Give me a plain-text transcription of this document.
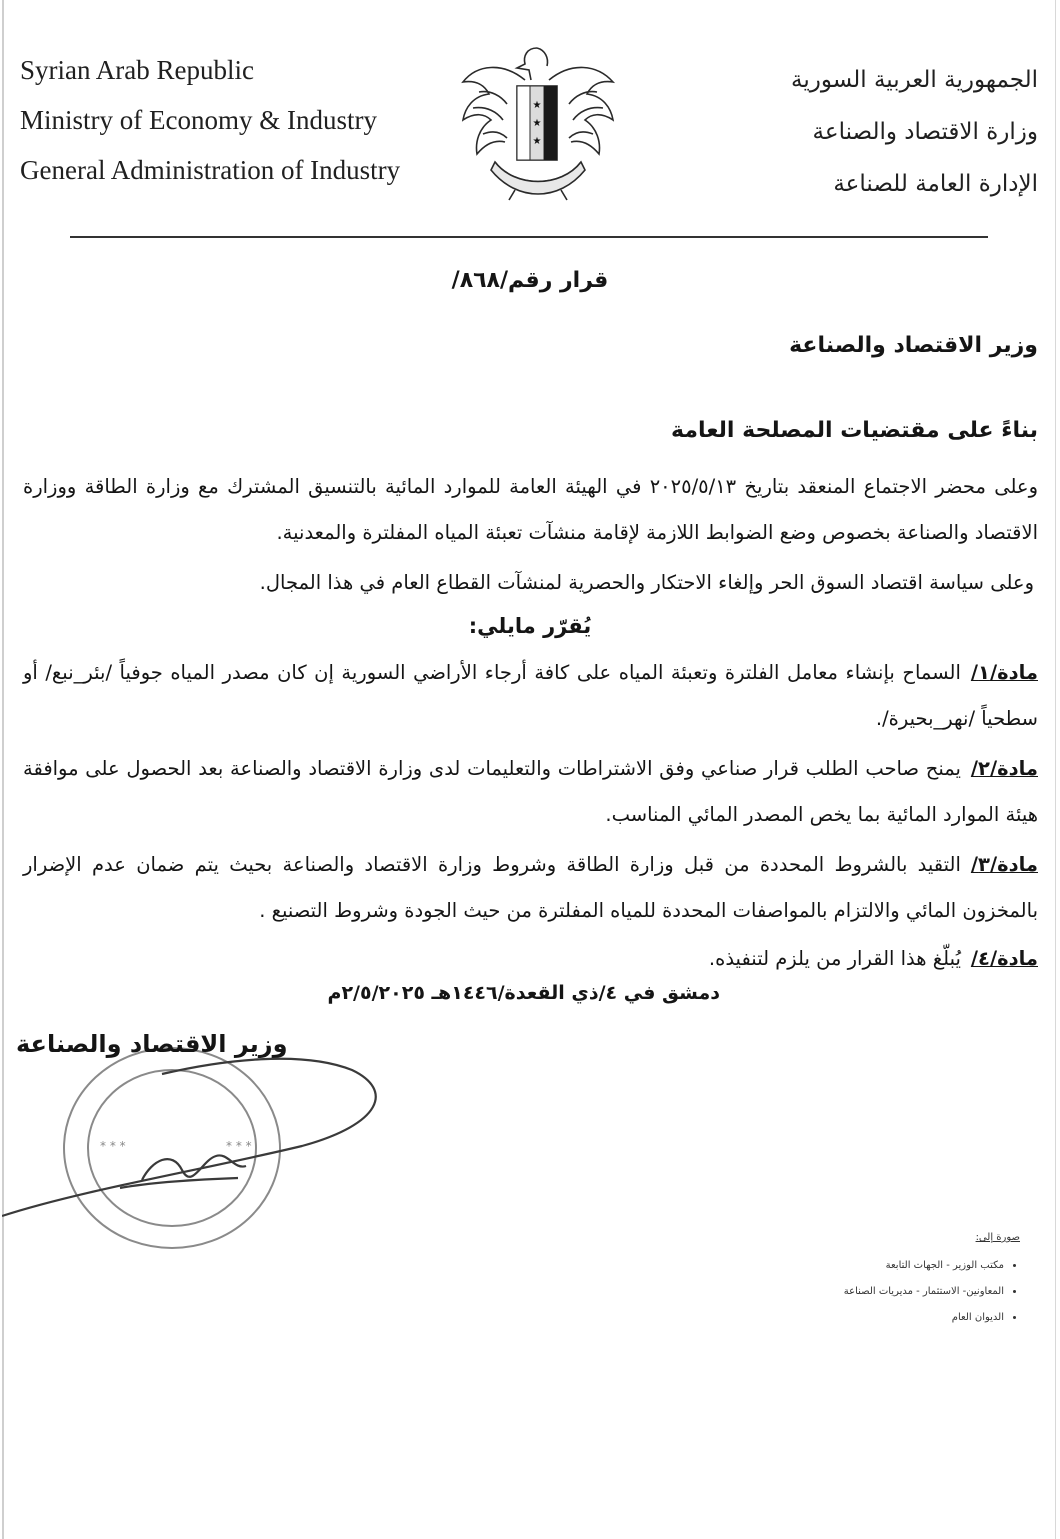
Syrian Arab Republic
Ministry of Economy & Industry
General Administration of Industry
★
★
★
الجمهورية العربية السورية
وزارة الاقتصاد والصناعة
الإدارة العامة للصناعة
قرار رقم/٨٦٨/
وزير الاقتصاد والصناعة
بناءً على مقتضيات المصلحة العامة
وعلى محضر الاجتماع المنعقد بتاريخ ٢٠٢٥/٥/١٣ في الهيئة العامة للموارد المائية بالتنسيق المشترك مع وزارة الطاقة ووزارة الاقتصاد والصناعة بخصوص وضع الضوابط اللازمة لإقامة منشآت تعبئة المياه المفلترة والمعدنية.
وعلى سياسة اقتصاد السوق الحر وإلغاء الاحتكار والحصرية لمنشآت القطاع العام في هذا المجال.
يُقرّر مايلي:
مادة/١/السماح بإنشاء معامل الفلترة وتعبئة المياه على كافة أرجاء الأراضي السورية إن كان مصدر المياه جوفياً /بئر_نبع/ أو سطحياً /نهر_بحيرة/.
مادة/٢/يمنح صاحب الطلب قرار صناعي وفق الاشتراطات والتعليمات لدى وزارة الاقتصاد والصناعة بعد الحصول على موافقة هيئة الموارد المائية بما يخص المصدر المائي المناسب.
مادة/٣/التقيد بالشروط المحددة من قبل وزارة الطاقة وشروط وزارة الاقتصاد والصناعة بحيث يتم ضمان عدم الإضرار بالمخزون المائي والالتزام بالمواصفات المحددة للمياه المفلترة من حيث الجودة وشروط التصنيع .
مادة/٤/يُبلّغ هذا القرار من يلزم لتنفيذه.
دمشق في ٤/ذي القعدة/١٤٤٦هـ ٢/٥/٢٠٢٥م
* * *	* * *
وزير الاقتصاد والصناعة
صورة إلى:
• مكتب الوزير - الجهات التابعة
• المعاونين- الاستثمار - مديريات الصناعة
• الديوان العام
